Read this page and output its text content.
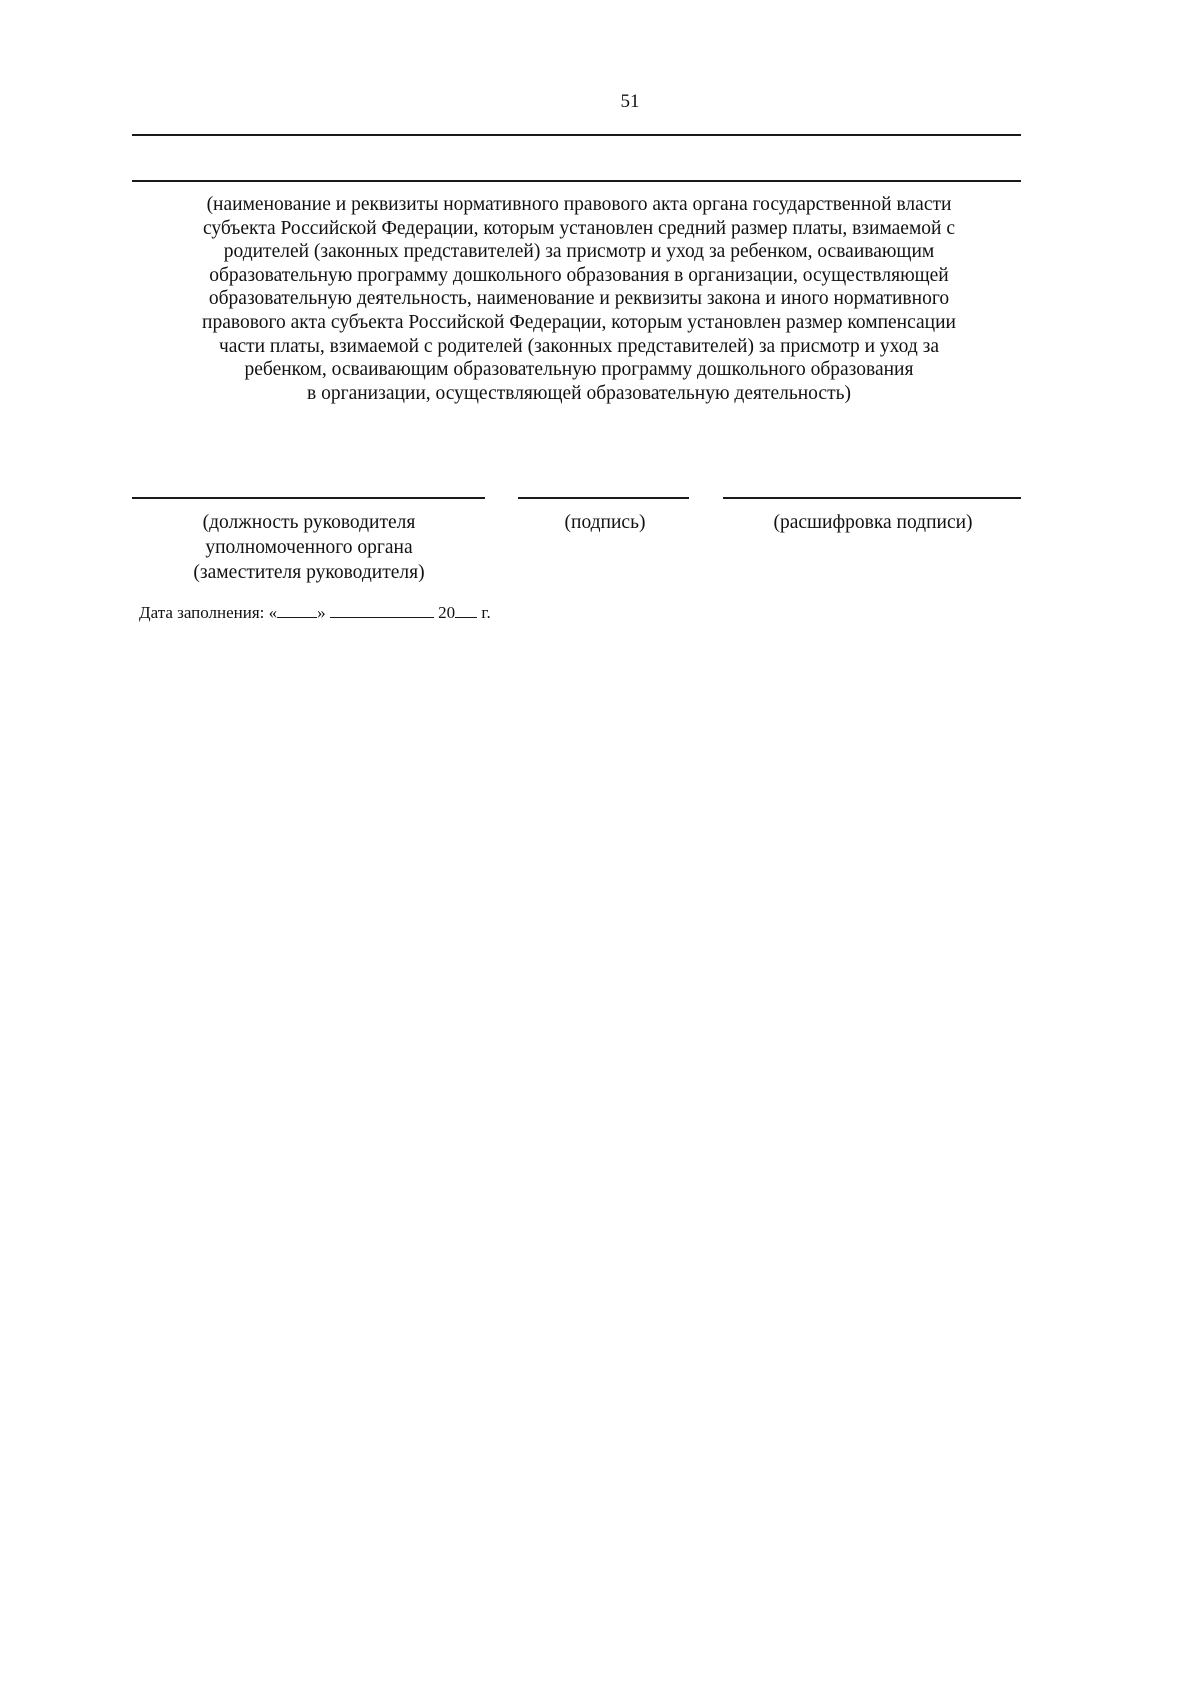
51
(наименование и реквизиты нормативного правового акта органа государственной власти
субъекта Российской Федерации, которым установлен средний размер платы, взимаемой с
родителей (законных представителей) за присмотр и уход за ребенком, осваивающим
образовательную программу дошкольного образования в организации, осуществляющей
образовательную деятельность, наименование и реквизиты закона и иного нормативного
правового акта субъекта Российской Федерации, которым установлен размер компенсации
части платы, взимаемой с родителей (законных представителей) за присмотр и уход за
ребенком, осваивающим образовательную программу дошкольного образования
в организации, осуществляющей образовательную деятельность)
(должность руководителя
уполномоченного органа
(заместителя руководителя)
(подпись)	(расшифровка подписи)
Дата заполнения: « »	20 г.
